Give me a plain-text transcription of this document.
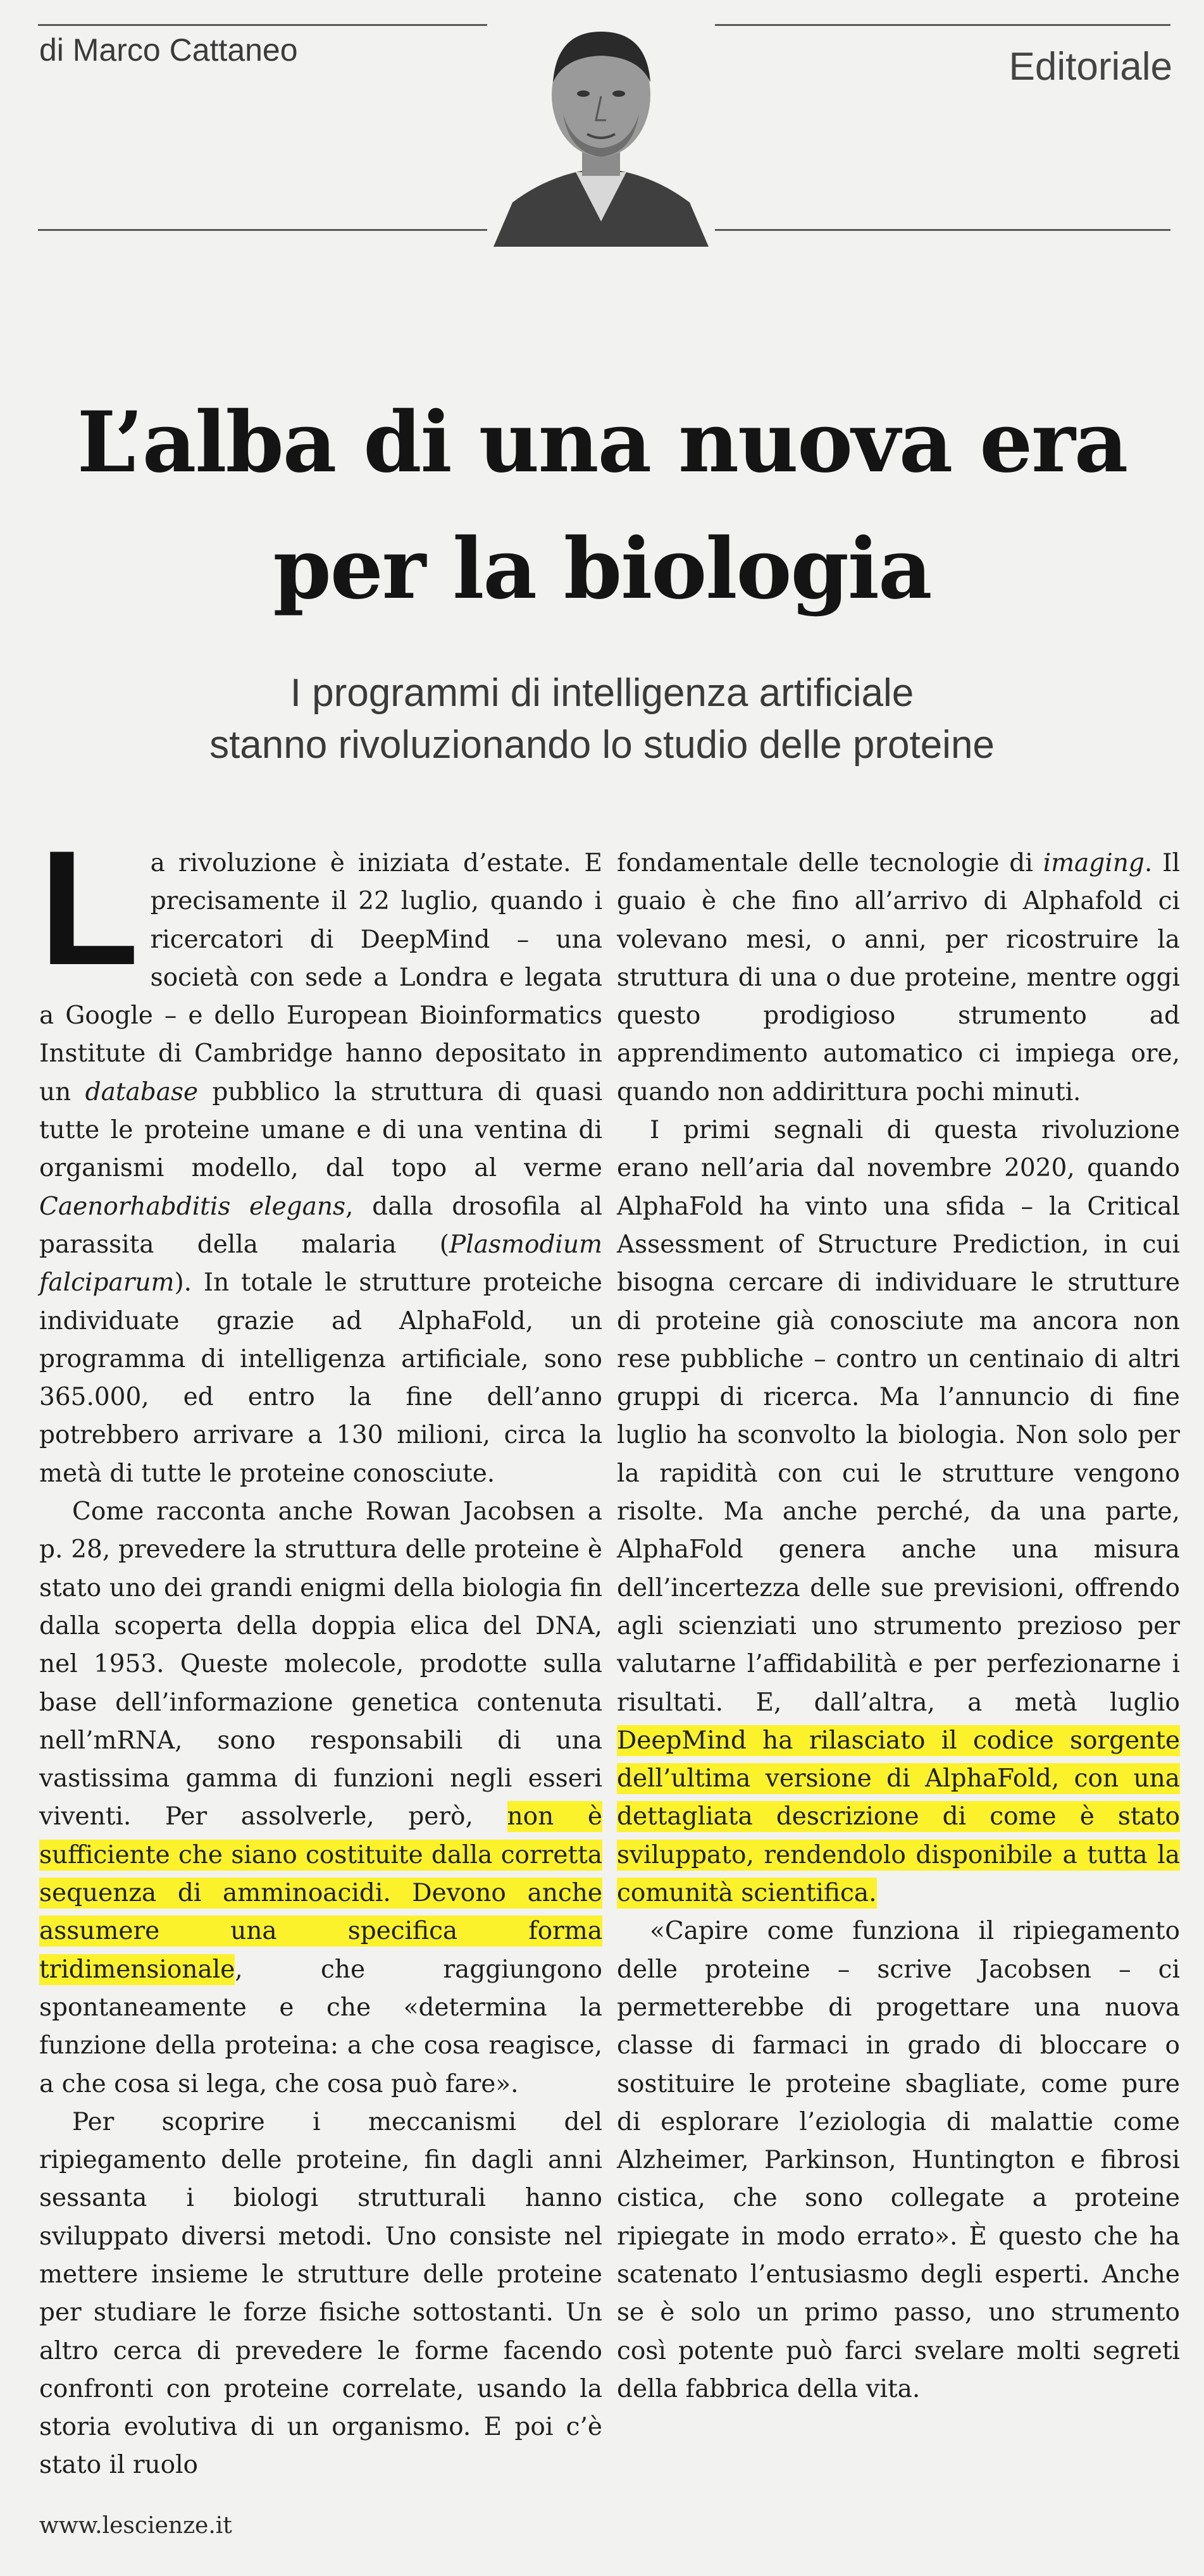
di Marco Cattaneo	Editoriale
L’alba di una nuova era
per la biologia
I programmi di intelligenza artificiale
stanno rivoluzionando lo studio delle proteine

La rivoluzione è iniziata d’estate. E precisamente il 22 luglio, quando i ricercatori di DeepMind – una società con sede a Londra e legata a Google – e dello European Bioinformatics Institute di Cambridge hanno depositato in un database pubblico la struttura di quasi tutte le proteine umane e di una ventina di organismi modello, dal topo al verme Caenorhabditis elegans, dalla drosofila al parassita della malaria (Plasmodium falciparum). In totale le strutture proteiche individuate grazie ad AlphaFold, un programma di intelligenza artificiale, sono 365.000, ed entro la fine dell’anno potrebbero arrivare a 130 milioni, circa la metà di tutte le proteine conosciute.

Come racconta anche Rowan Jacobsen a p. 28, prevedere la struttura delle proteine è stato uno dei grandi enigmi della biologia fin dalla scoperta della doppia elica del DNA, nel 1953. Queste molecole, prodotte sulla base dell’informazione genetica contenuta nell’mRNA, sono responsabili di una vastissima gamma di funzioni negli esseri viventi. Per assolverle, però, non è sufficiente che siano costituite dalla corretta sequenza di amminoacidi. Devono anche assumere una specifica forma tridimensionale, che raggiungono spontaneamente e che «determina la funzione della proteina: a che cosa reagisce, a che cosa si lega, che cosa può fare».

Per scoprire i meccanismi del ripiegamento delle proteine, fin dagli anni sessanta i biologi strutturali hanno sviluppato diversi metodi. Uno consiste nel mettere insieme le strutture delle proteine per studiare le forze fisiche sottostanti. Un altro cerca di prevedere le forme facendo confronti con proteine correlate, usando la storia evolutiva di un organismo. E poi c’è stato il ruolo

fondamentale delle tecnologie di imaging. Il guaio è che fino all’arrivo di Alphafold ci volevano mesi, o anni, per ricostruire la struttura di una o due proteine, mentre oggi questo prodigioso strumento ad apprendimento automatico ci impiega ore, quando non addirittura pochi minuti.

I primi segnali di questa rivoluzione erano nell’aria dal novembre 2020, quando AlphaFold ha vinto una sfida – la Critical Assessment of Structure Prediction, in cui bisogna cercare di individuare le strutture di proteine già conosciute ma ancora non rese pubbliche – contro un centinaio di altri gruppi di ricerca. Ma l’annuncio di fine luglio ha sconvolto la biologia. Non solo per la rapidità con cui le strutture vengono risolte. Ma anche perché, da una parte, AlphaFold genera anche una misura dell’incertezza delle sue previsioni, offrendo agli scienziati uno strumento prezioso per valutarne l’affidabilità e per perfezionarne i risultati. E, dall’altra, a metà luglio DeepMind ha rilasciato il codice sorgente dell’ultima versione di AlphaFold, con una dettagliata descrizione di come è stato sviluppato, rendendolo disponibile a tutta la comunità scientifica.

«Capire come funziona il ripiegamento delle proteine – scrive Jacobsen – ci permetterebbe di progettare una nuova classe di farmaci in grado di bloccare o sostituire le proteine sbagliate, come pure di esplorare l’eziologia di malattie come Alzheimer, Parkinson, Huntington e fibrosi cistica, che sono collegate a proteine ripiegate in modo errato». È questo che ha scatenato l’entusiasmo degli esperti. Anche se è solo un primo passo, uno strumento così potente può farci svelare molti segreti della fabbrica della vita.

www.lescienze.it
